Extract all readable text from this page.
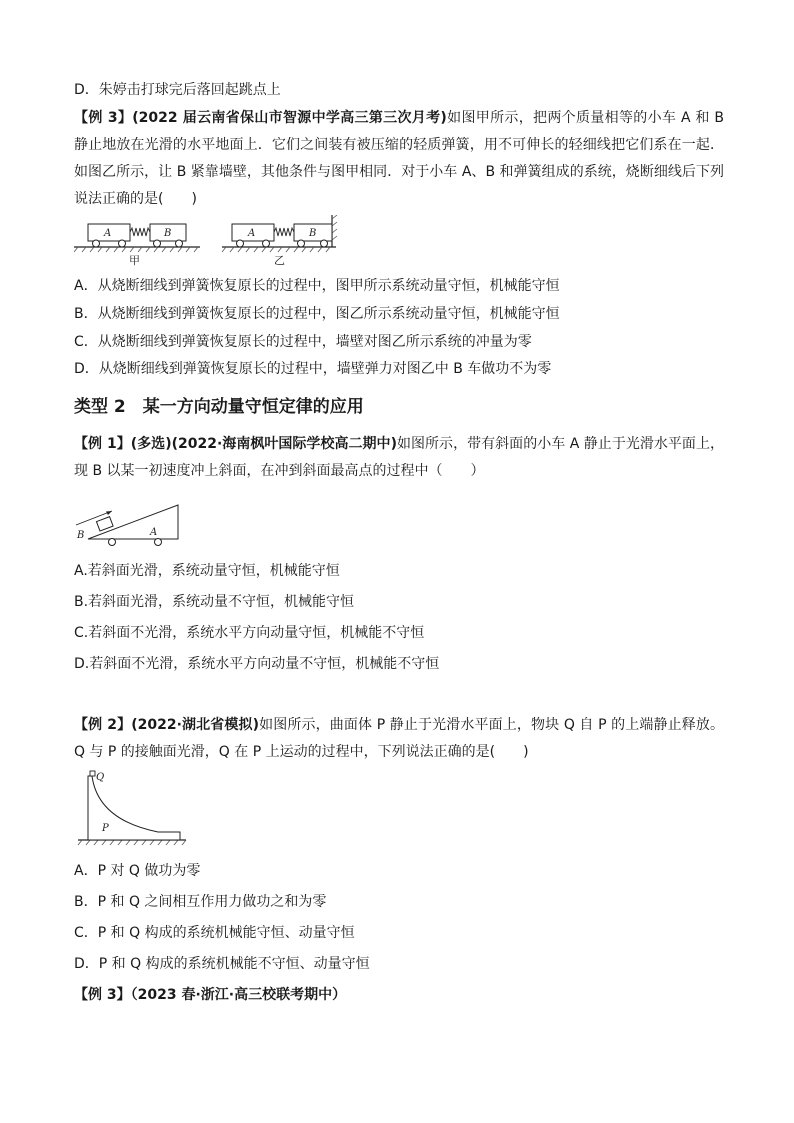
D．朱婷击打球完后落回起跳点上
【例 3】(2022 届云南省保山市智源中学高三第三次月考)如图甲所示，把两个质量相等的小车 A 和 B 静止地放在光滑的水平地面上．它们之间装有被压缩的轻质弹簧，用不可伸长的轻细线把它们系在一起．如图乙所示，让 B 紧靠墙壁，其他条件与图甲相同．对于小车 A、B 和弹簧组成的系统，烧断细线后下列说法正确的是(　　)
A	B
甲
A	B
乙
A．从烧断细线到弹簧恢复原长的过程中，图甲所示系统动量守恒，机械能守恒
B．从烧断细线到弹簧恢复原长的过程中，图乙所示系统动量守恒，机械能守恒
C．从烧断细线到弹簧恢复原长的过程中，墙壁对图乙所示系统的冲量为零
D．从烧断细线到弹簧恢复原长的过程中，墙壁弹力对图乙中 B 车做功不为零
类型 2　某一方向动量守恒定律的应用
【例 1】(多选)(2022·海南枫叶国际学校高二期中)如图所示，带有斜面的小车 A 静止于光滑水平面上，现 B 以某一初速度冲上斜面，在冲到斜面最高点的过程中（　　）
A
B
A.若斜面光滑，系统动量守恒，机械能守恒
B.若斜面光滑，系统动量不守恒，机械能守恒
C.若斜面不光滑，系统水平方向动量守恒，机械能不守恒
D.若斜面不光滑，系统水平方向动量不守恒，机械能不守恒
【例 2】(2022·湖北省模拟)如图所示，曲面体 P 静止于光滑水平面上，物块 Q 自 P 的上端静止释放。Q 与 P 的接触面光滑，Q 在 P 上运动的过程中，下列说法正确的是(　　)
Q
P
A．P 对 Q 做功为零
B．P 和 Q 之间相互作用力做功之和为零
C．P 和 Q 构成的系统机械能守恒、动量守恒
D．P 和 Q 构成的系统机械能不守恒、动量守恒
【例 3】（2023 春·浙江·高三校联考期中）
